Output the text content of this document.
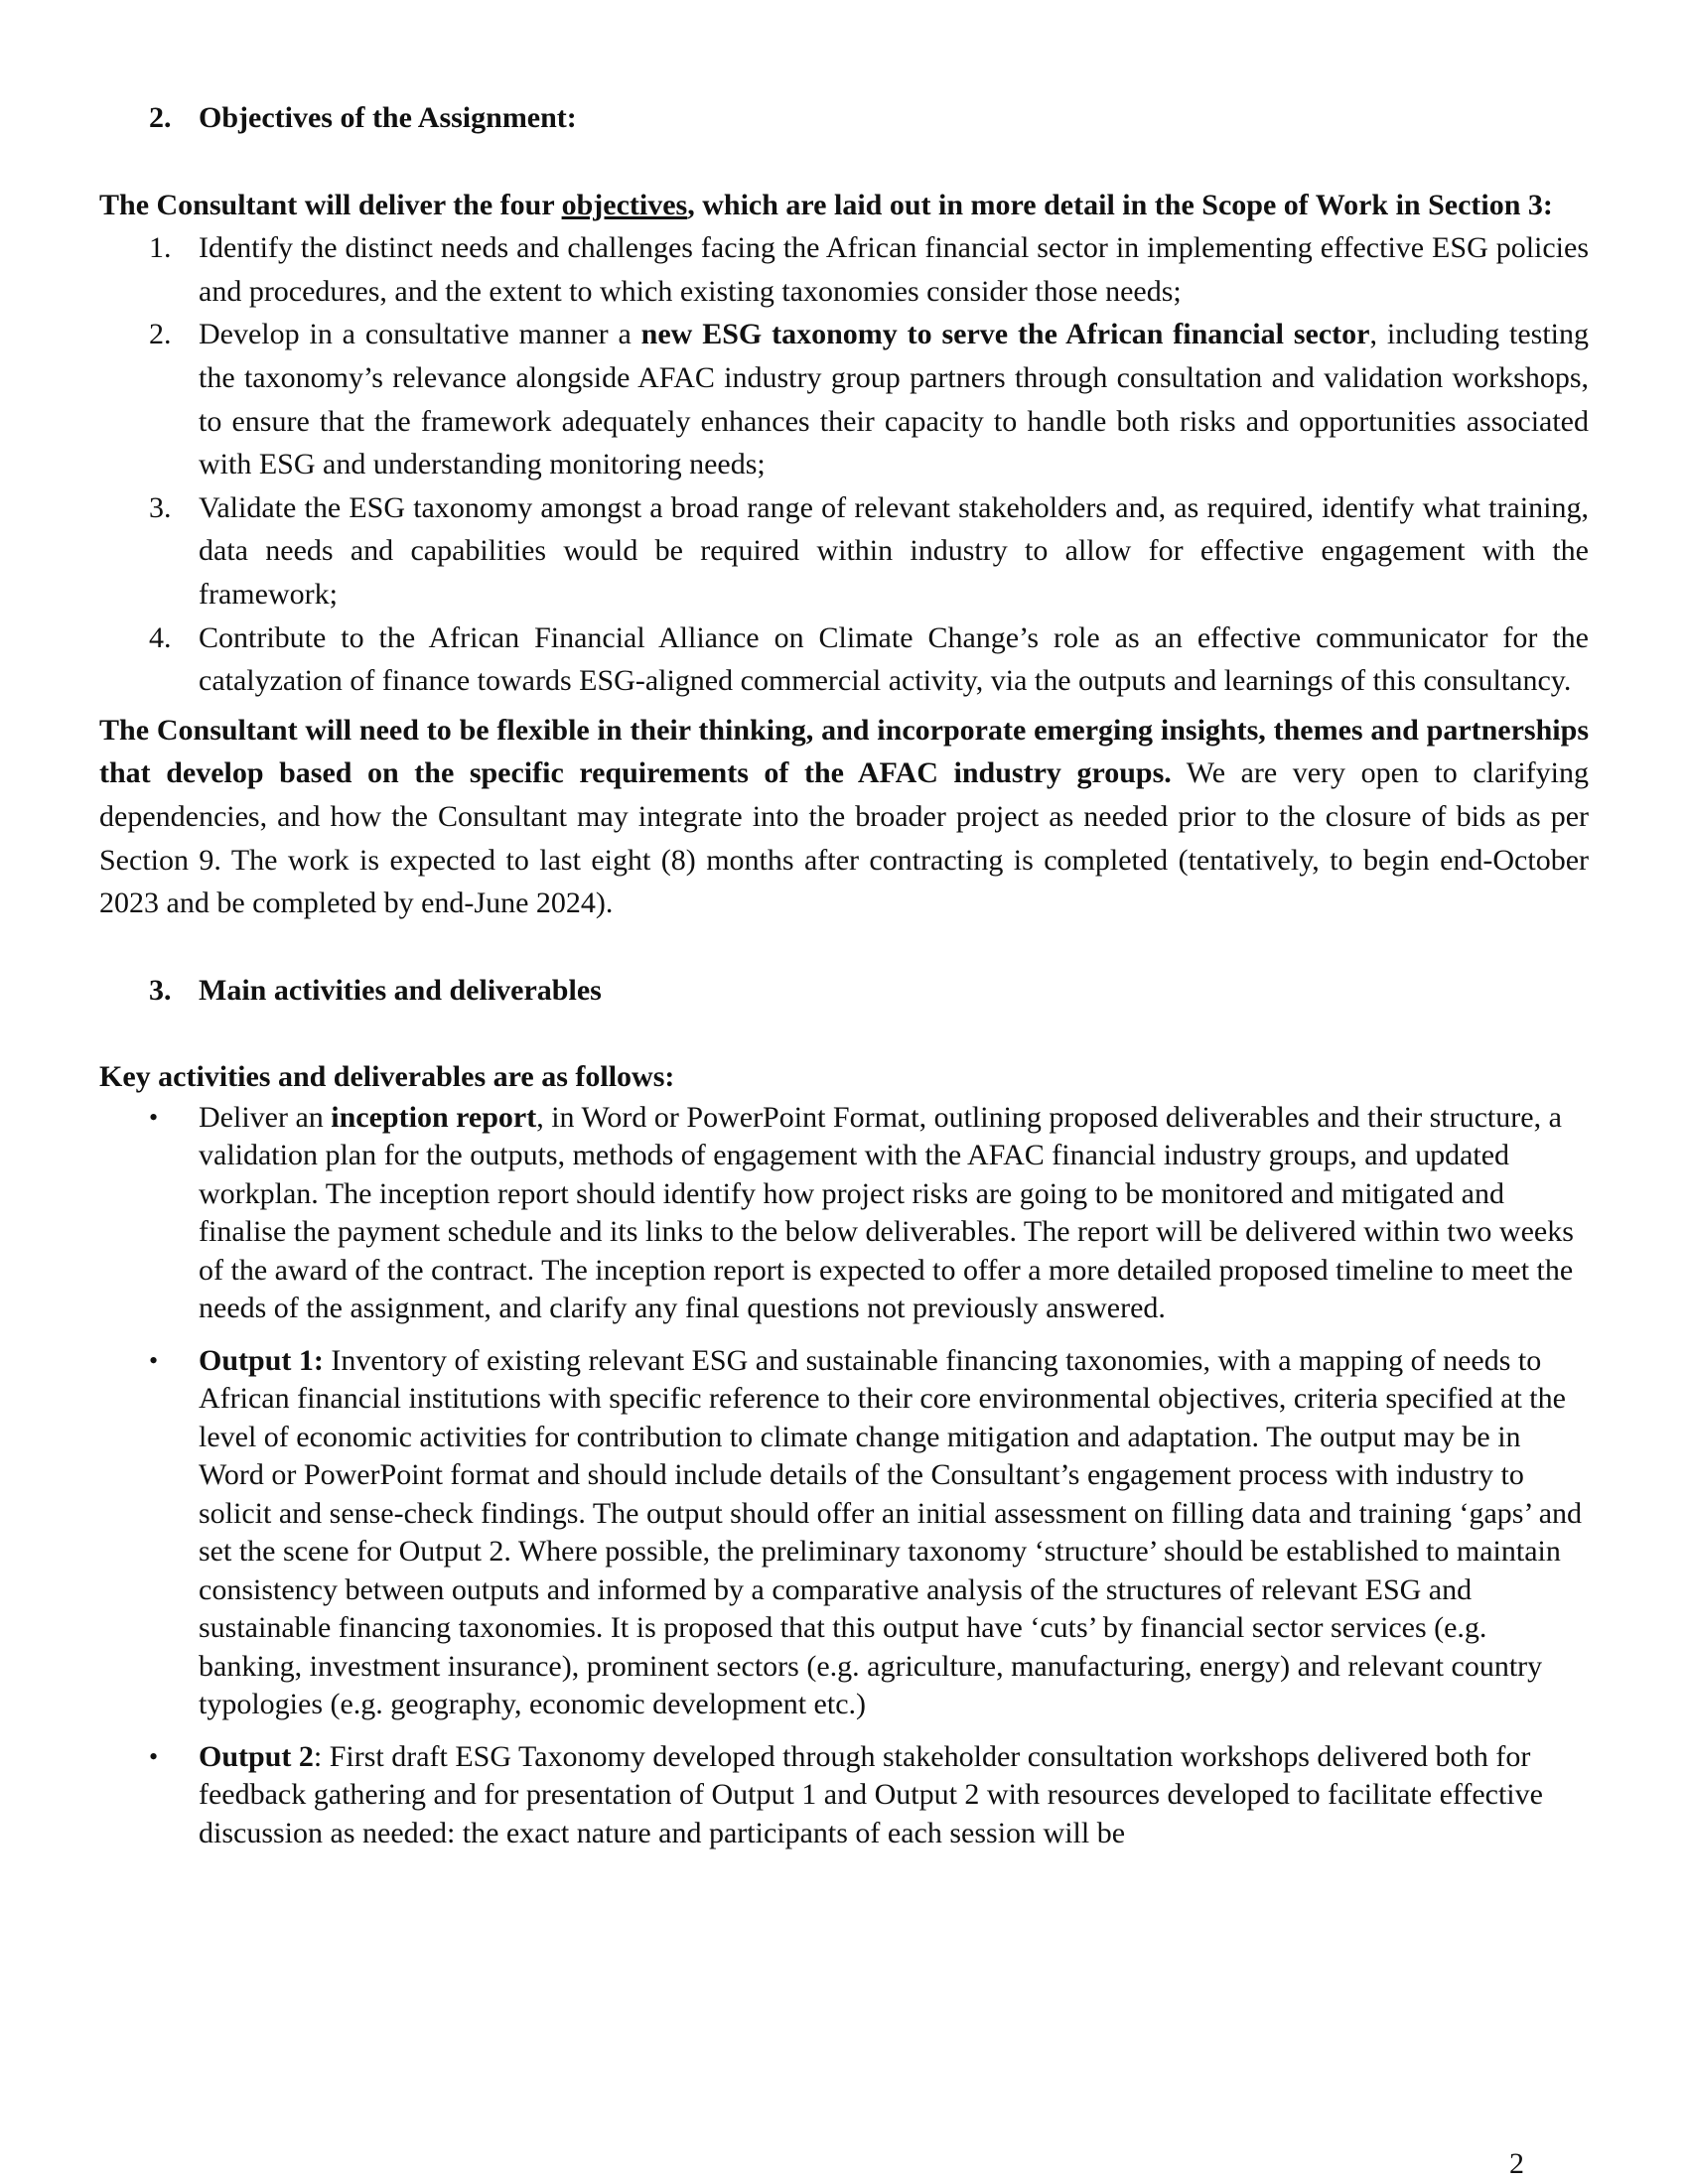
2. Objectives of the Assignment:

The Consultant will deliver the four objectives, which are laid out in more detail in the Scope of Work in Section 3:

1. Identify the distinct needs and challenges facing the African financial sector in implementing effective ESG policies and procedures, and the extent to which existing taxonomies consider those needs;
2. Develop in a consultative manner a new ESG taxonomy to serve the African financial sector, including testing the taxonomy’s relevance alongside AFAC industry group partners through consultation and validation workshops, to ensure that the framework adequately enhances their capacity to handle both risks and opportunities associated with ESG and understanding monitoring needs;
3. Validate the ESG taxonomy amongst a broad range of relevant stakeholders and, as required, identify what training, data needs and capabilities would be required within industry to allow for effective engagement with the framework;
4. Contribute to the African Financial Alliance on Climate Change’s role as an effective communicator for the catalyzation of finance towards ESG-aligned commercial activity, via the outputs and learnings of this consultancy.

The Consultant will need to be flexible in their thinking, and incorporate emerging insights, themes and partnerships that develop based on the specific requirements of the AFAC industry groups. We are very open to clarifying dependencies, and how the Consultant may integrate into the broader project as needed prior to the closure of bids as per Section 9. The work is expected to last eight (8) months after contracting is completed (tentatively, to begin end-October 2023 and be completed by end-June 2024).

3. Main activities and deliverables

Key activities and deliverables are as follows:

• Deliver an inception report, in Word or PowerPoint Format, outlining proposed deliverables and their structure, a validation plan for the outputs, methods of engagement with the AFAC financial industry groups, and updated workplan. The inception report should identify how project risks are going to be monitored and mitigated and finalise the payment schedule and its links to the below deliverables. The report will be delivered within two weeks of the award of the contract. The inception report is expected to offer a more detailed proposed timeline to meet the needs of the assignment, and clarify any final questions not previously answered.
• Output 1: Inventory of existing relevant ESG and sustainable financing taxonomies, with a mapping of needs to African financial institutions with specific reference to their core environmental objectives, criteria specified at the level of economic activities for contribution to climate change mitigation and adaptation. The output may be in Word or PowerPoint format and should include details of the Consultant’s engagement process with industry to solicit and sense-check findings. The output should offer an initial assessment on filling data and training ‘gaps’ and set the scene for Output 2. Where possible, the preliminary taxonomy ‘structure’ should be established to maintain consistency between outputs and informed by a comparative analysis of the structures of relevant ESG and sustainable financing taxonomies. It is proposed that this output have ‘cuts’ by financial sector services (e.g. banking, investment insurance), prominent sectors (e.g. agriculture, manufacturing, energy) and relevant country typologies (e.g. geography, economic development etc.)
• Output 2: First draft ESG Taxonomy developed through stakeholder consultation workshops delivered both for feedback gathering and for presentation of Output 1 and Output 2 with resources developed to facilitate effective discussion as needed: the exact nature and participants of each session will be
2
